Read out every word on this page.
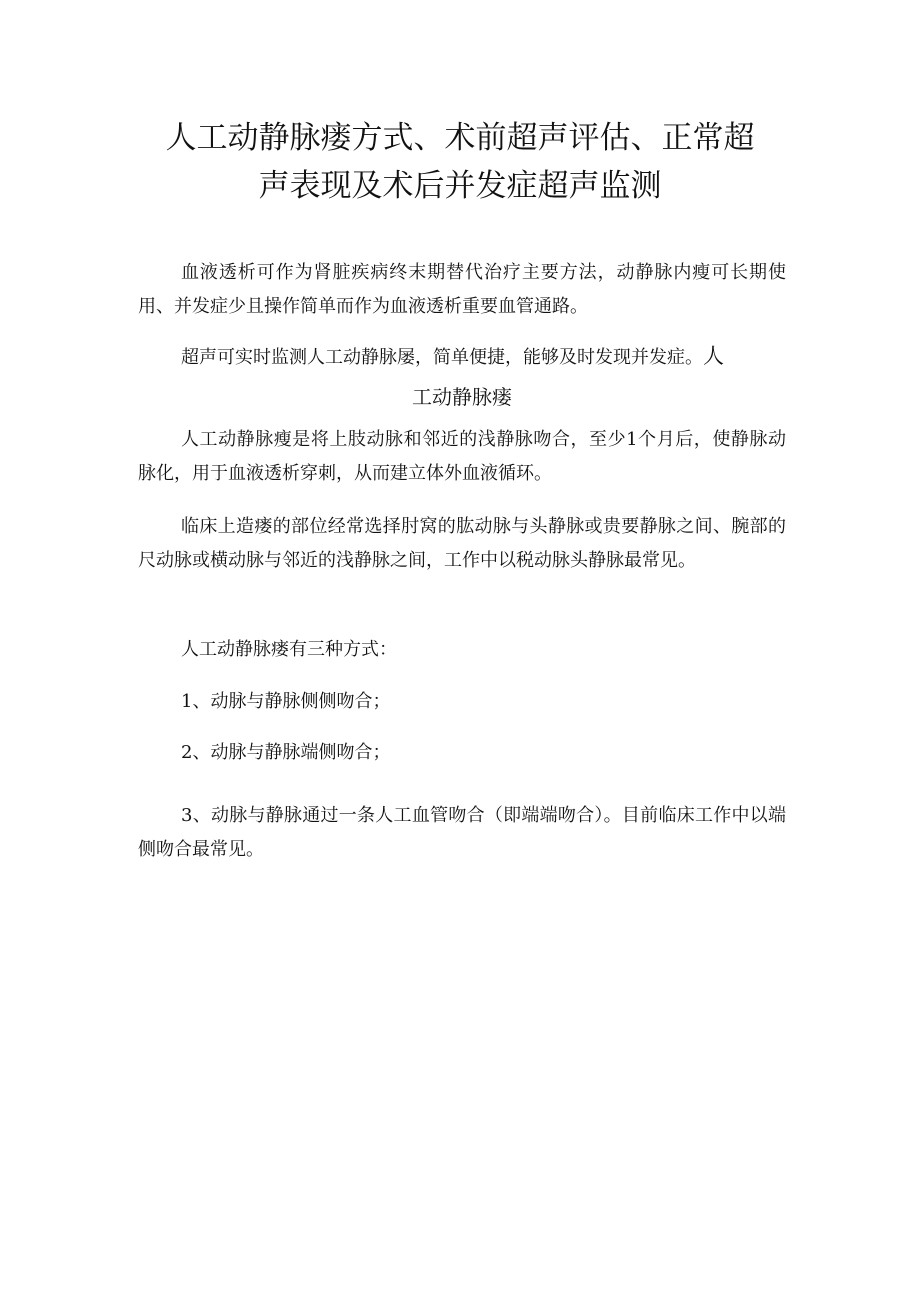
人工动静脉瘘方式、术前超声评估、正常超
声表现及术后并发症超声监测

血液透析可作为肾脏疾病终末期替代治疗主要方法，动静脉内瘦可长期使用、并发症少且操作简单而作为血液透析重要血管通路。

超声可实时监测人工动静脉屡，简单便捷，能够及时发现并发症。人

工动静脉瘘

人工动静脉瘦是将上肢动脉和邻近的浅静脉吻合，至少1个月后，使静脉动脉化，用于血液透析穿刺，从而建立体外血液循环。

临床上造瘘的部位经常选择肘窝的肱动脉与头静脉或贵要静脉之间、腕部的尺动脉或横动脉与邻近的浅静脉之间，工作中以税动脉头静脉最常见。

人工动静脉瘘有三种方式：

1、动脉与静脉侧侧吻合；

2、动脉与静脉端侧吻合；

3、动脉与静脉通过一条人工血管吻合（即端端吻合）。目前临床工作中以端侧吻合最常见。
